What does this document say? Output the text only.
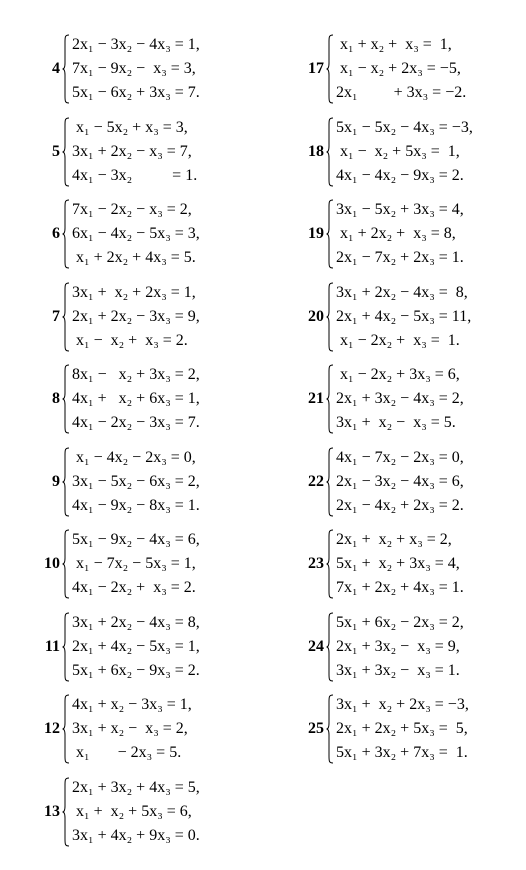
4
2x₁ − 3x₂ − 4x₃ = 1,
7x₁ − 9x₂ −  x₃ = 3,
5x₁ − 6x₂ + 3x₃ = 7.
5
x₁ − 5x₂ + x₃ = 3,
3x₁ + 2x₂ − x₃ = 7,
4x₁ − 3x₂          = 1.
6
7x₁ − 2x₂ − x₃ = 2,
6x₁ − 4x₂ − 5x₃ = 3,
x₁ + 2x₂ + 4x₃ = 5.
7
3x₁ +  x₂ + 2x₃ = 1,
2x₁ + 2x₂ − 3x₃ = 9,
x₁ −  x₂ +  x₃ = 2.
8
8x₁ −   x₂ + 3x₃ = 2,
4x₁ +   x₂ + 6x₃ = 1,
4x₁ − 2x₂ − 3x₃ = 7.
9
x₁ − 4x₂ − 2x₃ = 0,
3x₁ − 5x₂ − 6x₃ = 2,
4x₁ − 9x₂ − 8x₃ = 1.
10
5x₁ − 9x₂ − 4x₃ = 6,
x₁ − 7x₂ − 5x₃ = 1,
4x₁ − 2x₂ +  x₃ = 2.
11
3x₁ + 2x₂ − 4x₃ = 8,
2x₁ + 4x₂ − 5x₃ = 1,
5x₁ + 6x₂ − 9x₃ = 2.
12
4x₁ + x₂ − 3x₃ = 1,
3x₁ + x₂ −  x₃ = 2,
x₁       − 2x₃ = 5.
13
2x₁ + 3x₂ + 4x₃ = 5,
x₁ +  x₂ + 5x₃ = 6,
3x₁ + 4x₂ + 9x₃ = 0.
17
x₁ + x₂ +  x₃ =  1,
x₁ − x₂ + 2x₃ = −5,
2x₁         + 3x₃ = −2.
18
5x₁ − 5x₂ − 4x₃ = −3,
x₁ −  x₂ + 5x₃ =  1,
4x₁ − 4x₂ − 9x₃ = 2.
19
3x₁ − 5x₂ + 3x₃ = 4,
x₁ + 2x₂ +  x₃ = 8,
2x₁ − 7x₂ + 2x₃ = 1.
20
3x₁ + 2x₂ − 4x₃ =  8,
2x₁ + 4x₂ − 5x₃ = 11,
x₁ − 2x₂ +  x₃ =  1.
21
x₁ − 2x₂ + 3x₃ = 6,
2x₁ + 3x₂ − 4x₃ = 2,
3x₁ +  x₂ −  x₃ = 5.
22
4x₁ − 7x₂ − 2x₃ = 0,
2x₁ − 3x₂ − 4x₃ = 6,
2x₁ − 4x₂ + 2x₃ = 2.
23
2x₁ +  x₂ + x₃ = 2,
5x₁ +  x₂ + 3x₃ = 4,
7x₁ + 2x₂ + 4x₃ = 1.
24
5x₁ + 6x₂ − 2x₃ = 2,
2x₁ + 3x₂ −  x₃ = 9,
3x₁ + 3x₂ −  x₃ = 1.
25
3x₁ +  x₂ + 2x₃ = −3,
2x₁ + 2x₂ + 5x₃ =  5,
5x₁ + 3x₂ + 7x₃ =  1.
